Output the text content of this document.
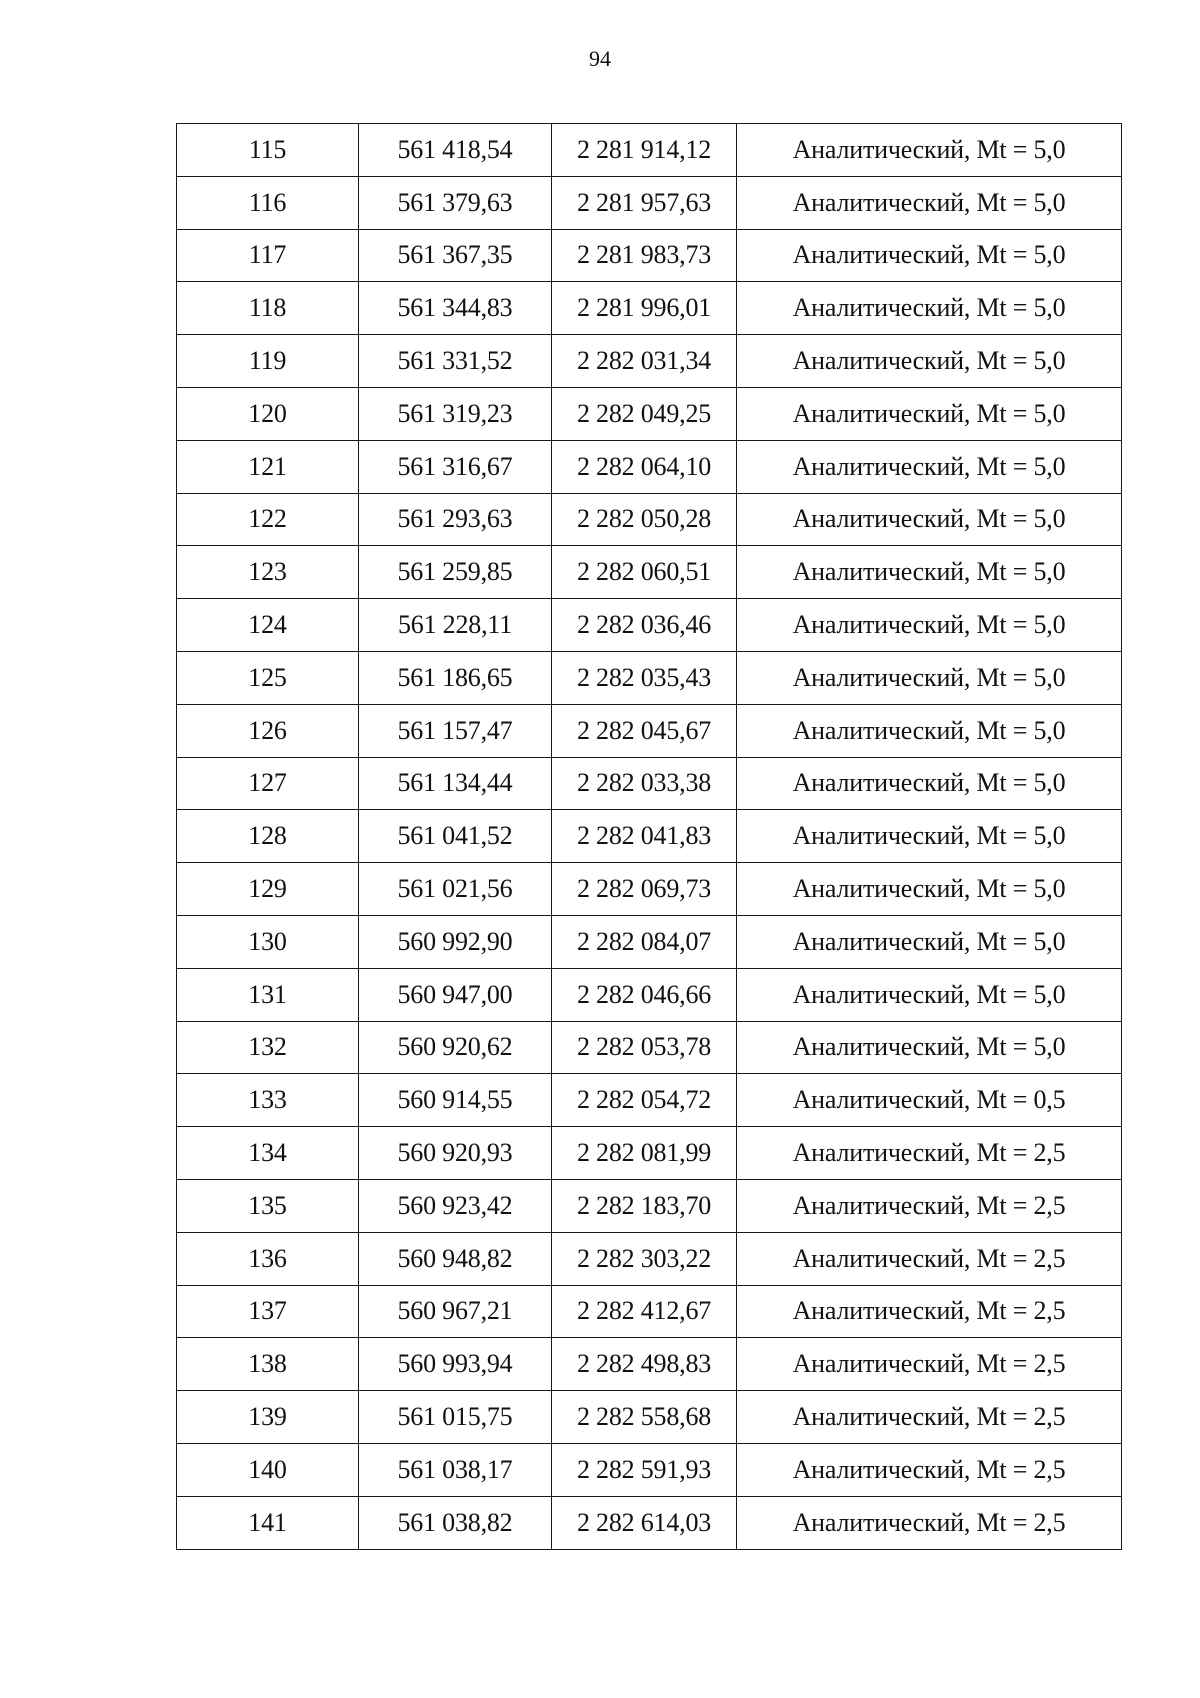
94
115	561 418,54	2 281 914,12	Аналитический, Mt = 5,0
116	561 379,63	2 281 957,63	Аналитический, Mt = 5,0
117	561 367,35	2 281 983,73	Аналитический, Mt = 5,0
118	561 344,83	2 281 996,01	Аналитический, Mt = 5,0
119	561 331,52	2 282 031,34	Аналитический, Mt = 5,0
120	561 319,23	2 282 049,25	Аналитический, Mt = 5,0
121	561 316,67	2 282 064,10	Аналитический, Mt = 5,0
122	561 293,63	2 282 050,28	Аналитический, Mt = 5,0
123	561 259,85	2 282 060,51	Аналитический, Mt = 5,0
124	561 228,11	2 282 036,46	Аналитический, Mt = 5,0
125	561 186,65	2 282 035,43	Аналитический, Mt = 5,0
126	561 157,47	2 282 045,67	Аналитический, Mt = 5,0
127	561 134,44	2 282 033,38	Аналитический, Mt = 5,0
128	561 041,52	2 282 041,83	Аналитический, Mt = 5,0
129	561 021,56	2 282 069,73	Аналитический, Mt = 5,0
130	560 992,90	2 282 084,07	Аналитический, Mt = 5,0
131	560 947,00	2 282 046,66	Аналитический, Mt = 5,0
132	560 920,62	2 282 053,78	Аналитический, Mt = 5,0
133	560 914,55	2 282 054,72	Аналитический, Mt = 0,5
134	560 920,93	2 282 081,99	Аналитический, Mt = 2,5
135	560 923,42	2 282 183,70	Аналитический, Mt = 2,5
136	560 948,82	2 282 303,22	Аналитический, Mt = 2,5
137	560 967,21	2 282 412,67	Аналитический, Mt = 2,5
138	560 993,94	2 282 498,83	Аналитический, Mt = 2,5
139	561 015,75	2 282 558,68	Аналитический, Mt = 2,5
140	561 038,17	2 282 591,93	Аналитический, Mt = 2,5
141	561 038,82	2 282 614,03	Аналитический, Mt = 2,5
